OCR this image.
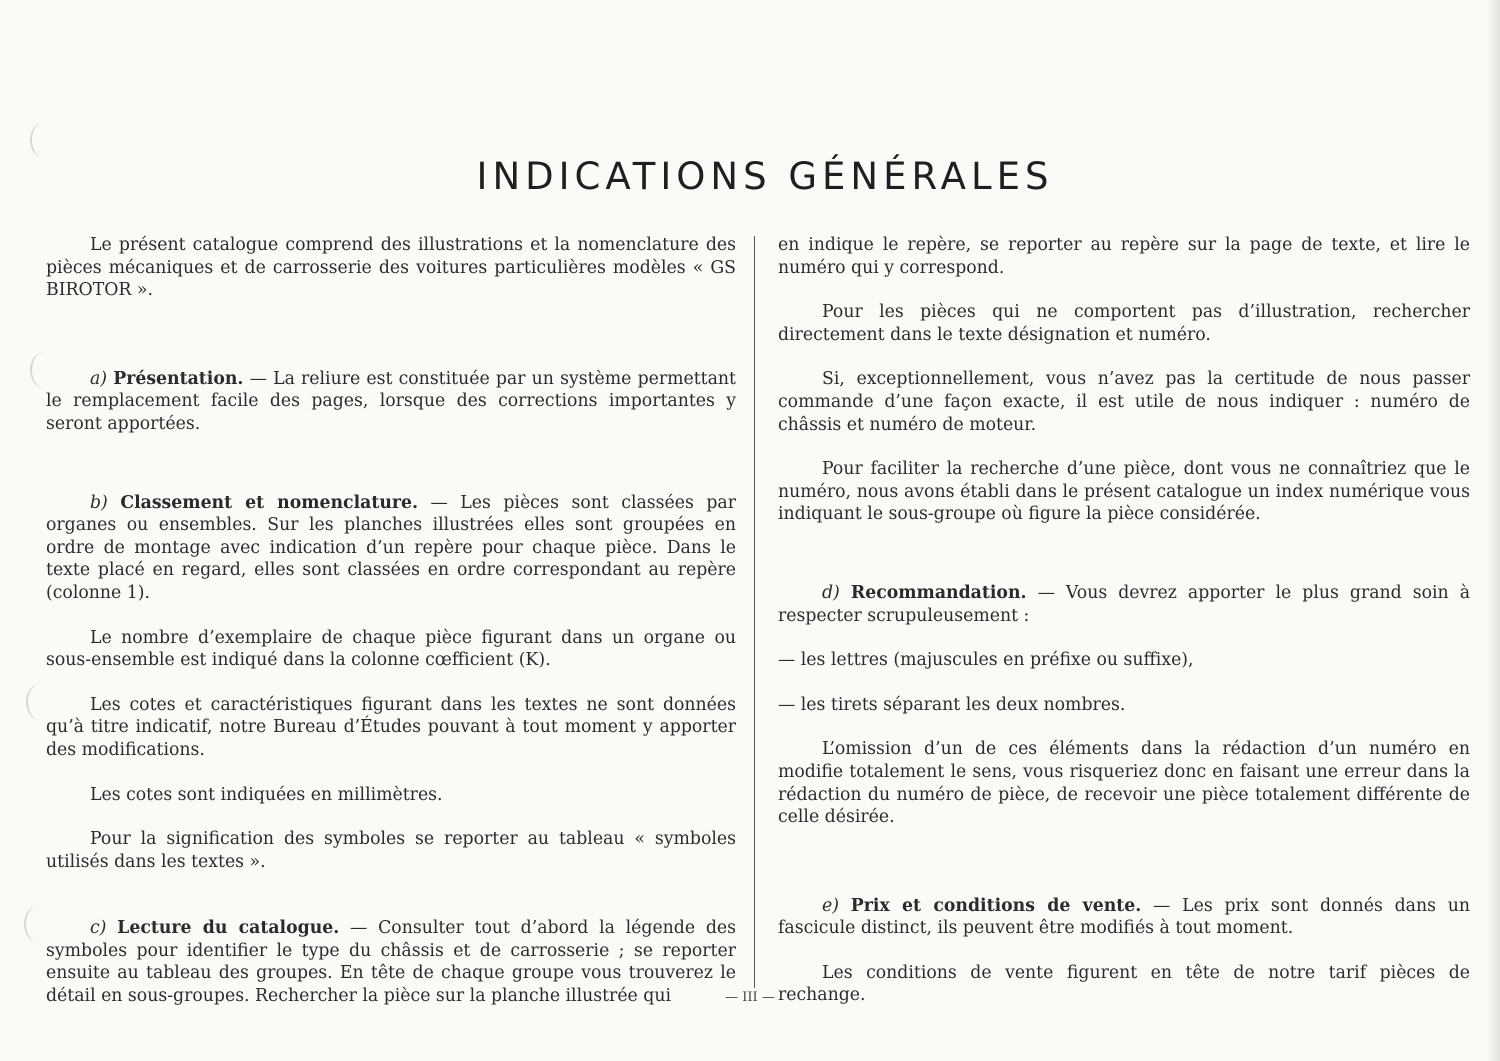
INDICATIONS GÉNÉRALES

Le présent catalogue comprend des illustrations et la nomenclature des pièces mécaniques et de carrosserie des voitures particulières modèles « GS BIROTOR ».

a) Présentation. — La reliure est constituée par un système permettant le remplacement facile des pages, lorsque des corrections importantes y seront apportées.

b) Classement et nomenclature. — Les pièces sont classées par organes ou ensembles. Sur les planches illustrées elles sont groupées en ordre de montage avec indication d’un repère pour chaque pièce. Dans le texte placé en regard, elles sont classées en ordre correspondant au repère (colonne 1).

Le nombre d’exemplaire de chaque pièce figurant dans un organe ou sous-ensemble est indiqué dans la colonne cœfficient (K).

Les cotes et caractéristiques figurant dans les textes ne sont données qu’à titre indicatif, notre Bureau d’Études pouvant à tout moment y apporter des modifications.

Les cotes sont indiquées en millimètres.

Pour la signification des symboles se reporter au tableau « symboles utilisés dans les textes ».

c) Lecture du catalogue. — Consulter tout d’abord la légende des symboles pour identifier le type du châssis et de carrosserie ; se reporter ensuite au tableau des groupes. En tête de chaque groupe vous trouverez le détail en sous-groupes. Rechercher la pièce sur la planche illustrée qui

en indique le repère, se reporter au repère sur la page de texte, et lire le numéro qui y correspond.

Pour les pièces qui ne comportent pas d’illustration, rechercher directement dans le texte désignation et numéro.

Si, exceptionnellement, vous n’avez pas la certitude de nous passer commande d’une façon exacte, il est utile de nous indiquer : numéro de châssis et numéro de moteur.

Pour faciliter la recherche d’une pièce, dont vous ne connaîtriez que le numéro, nous avons établi dans le présent catalogue un index numérique vous indiquant le sous-groupe où figure la pièce considérée.

d) Recommandation. — Vous devrez apporter le plus grand soin à respecter scrupuleusement :

— les lettres (majuscules en préfixe ou suffixe),

— les tirets séparant les deux nombres.

L’omission d’un de ces éléments dans la rédaction d’un numéro en modifie totalement le sens, vous risqueriez donc en faisant une erreur dans la rédaction du numéro de pièce, de recevoir une pièce totalement différente de celle désirée.

e) Prix et conditions de vente. — Les prix sont donnés dans un fascicule distinct, ils peuvent être modifiés à tout moment.

Les conditions de vente figurent en tête de notre tarif pièces de rechange.

— III —
